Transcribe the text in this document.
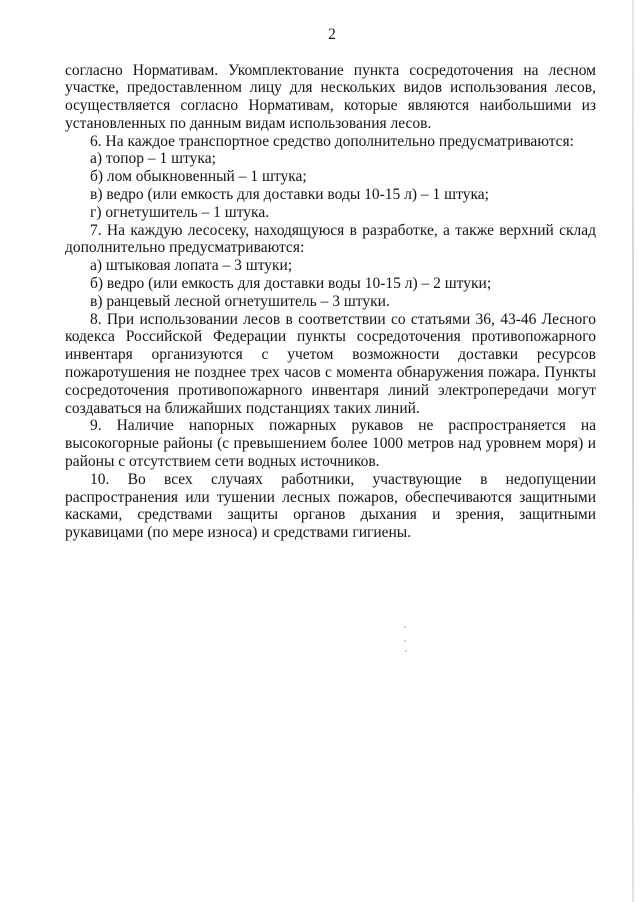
2

согласно Нормативам. Укомплектование пункта сосредоточения на лесном участке, предоставленном лицу для нескольких видов использования лесов, осуществляется согласно Нормативам, которые являются наибольшими из установленных по данным видам использования лесов.

6. На каждое транспортное средство дополнительно предусматриваются:

а) топор – 1 штука;

б) лом обыкновенный – 1 штука;

в) ведро (или емкость для доставки воды 10-15 л) – 1 штука;

г) огнетушитель – 1 штука.

7. На каждую лесосеку, находящуюся в разработке, а также верхний склад дополнительно предусматриваются:

а) штыковая лопата – 3 штуки;

б) ведро (или емкость для доставки воды 10-15 л) – 2 штуки;

в) ранцевый лесной огнетушитель – 3 штуки.

8. При использовании лесов в соответствии со статьями 36, 43-46 Лесного кодекса Российской Федерации пункты сосредоточения противопожарного инвентаря организуются с учетом возможности доставки ресурсов пожаротушения не позднее трех часов с момента обнаружения пожара. Пункты сосредоточения противопожарного инвентаря линий электропередачи могут создаваться на ближайших подстанциях таких линий.

9. Наличие напорных пожарных рукавов не распространяется на высокогорные районы (с превышением более 1000 метров над уровнем моря) и районы с отсутствием сети водных источников.

10. Во всех случаях работники, участвующие в недопущении распространения или тушении лесных пожаров, обеспечиваются защитными касками, средствами защиты органов дыхания и зрения, защитными рукавицами (по мере износа) и средствами гигиены.
